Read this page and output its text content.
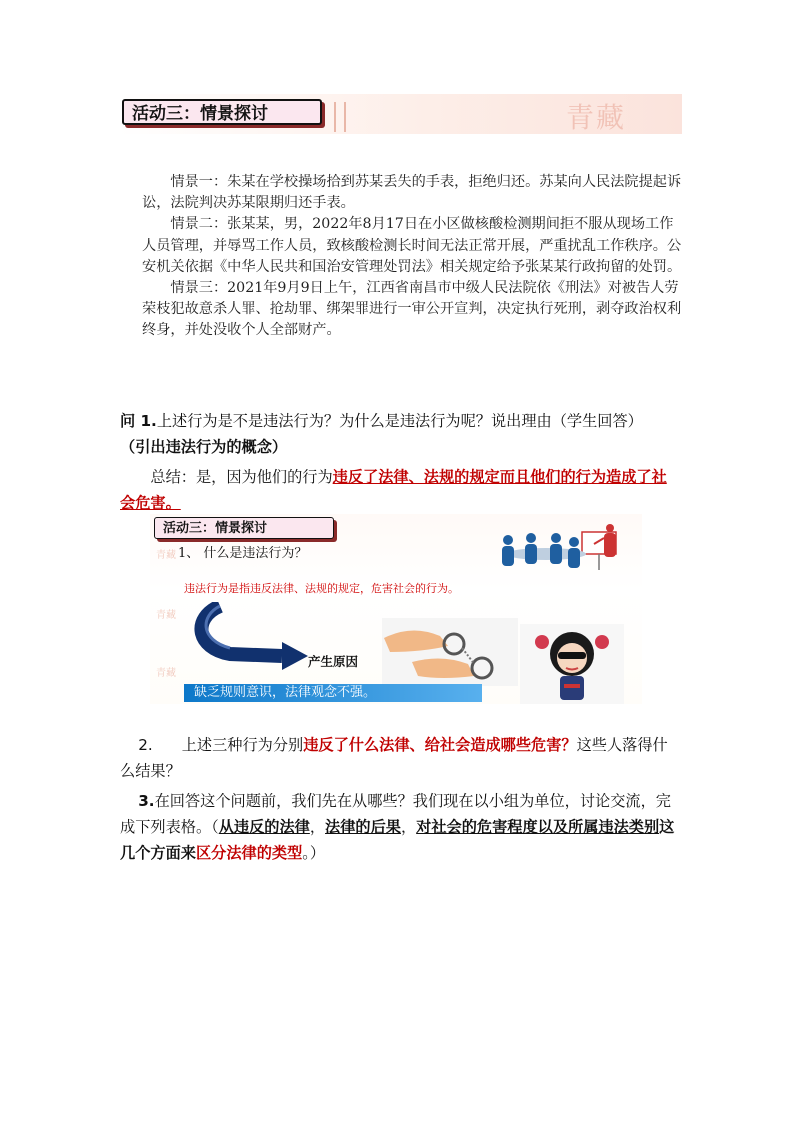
青藏
活动三：情景探讨

情景一：朱某在学校操场拾到苏某丢失的手表，拒绝归还。苏某向人民法院提起诉讼，法院判决苏某限期归还手表。

情景二：张某某，男，2022年8月17日在小区做核酸检测期间拒不服从现场工作人员管理，并辱骂工作人员，致核酸检测长时间无法正常开展，严重扰乱工作秩序。公安机关依据《中华人民共和国治安管理处罚法》相关规定给予张某某行政拘留的处罚。

情景三：2021年9月9日上午，江西省南昌市中级人民法院依《刑法》对被告人劳荣枝犯故意杀人罪、抢劫罪、绑架罪进行一审公开宣判，决定执行死刑，剥夺政治权利终身，并处没收个人全部财产。

问 1.上述行为是不是违法行为？为什么是违法行为呢？说出理由（学生回答）
（引出违法行为的概念）
总结：是，因为他们的行为违反了法律、法规的规定而且他们的行为造成了社会危害。
青藏
青藏
青藏
活动三：情景探讨
1、 什么是违法行为？
违法行为是指违反法律、法规的规定，危害社会的行为。
产生原因
缺乏规则意识，法律观念不强。
2. 上述三种行为分别违反了什么法律、给社会造成哪些危害？这些人落得什么结果？
3.在回答这个问题前，我们先在从哪些？我们现在以小组为单位，讨论交流，完成下列表格。（从违反的法律，法律的后果，对社会的危害程度以及所属违法类别这几个方面来区分法律的类型。）
